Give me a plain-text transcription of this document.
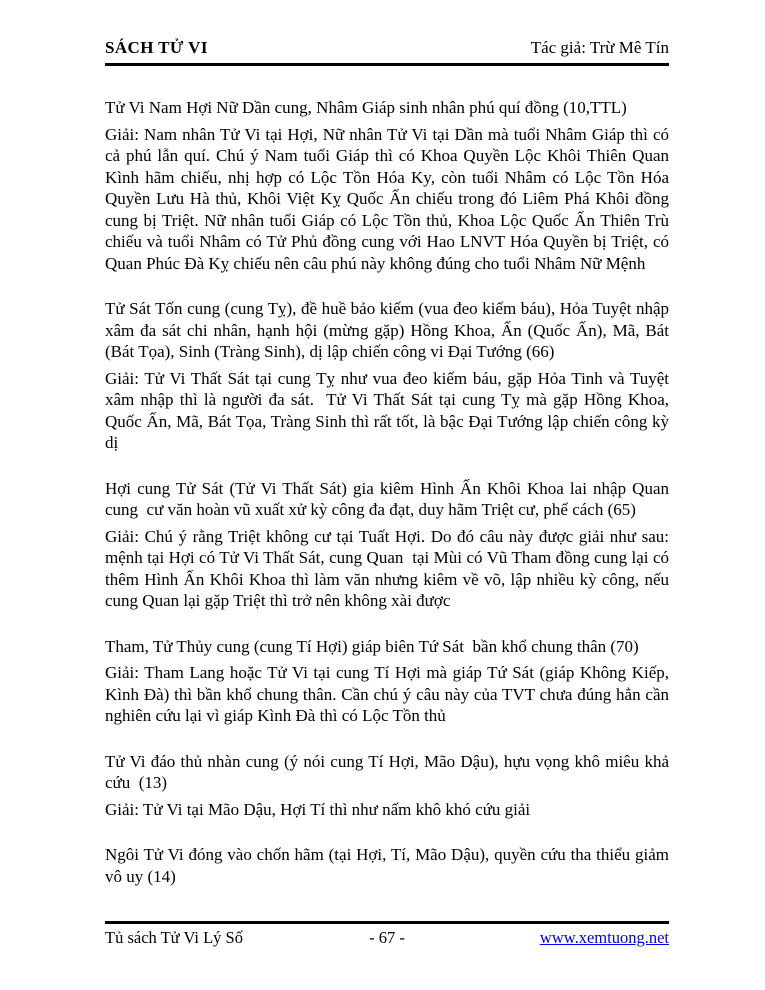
SÁCH TỬ VI	Tác giả: Trừ Mê Tín

Tử Vi Nam Hợi Nữ Dần cung, Nhâm Giáp sinh nhân phú quí đồng (10,TTL)

Giải: Nam nhân Tử Vi tại Hợi, Nữ nhân Tử Vi tại Dần mà tuổi Nhâm Giáp thì có cả phú lẫn quí. Chú ý Nam tuổi Giáp thì có Khoa Quyền Lộc Khôi Thiên Quan Kình hãm chiếu, nhị hợp có Lộc Tồn Hóa Ky, còn tuổi Nhâm có Lộc Tồn Hóa Quyền Lưu Hà thủ, Khôi Việt Kỵ Quốc Ấn chiếu trong đó Liêm Phá Khôi đồng cung bị Triệt. Nữ nhân tuổi Giáp có Lộc Tồn thủ, Khoa Lộc Quốc Ấn Thiên Trù chiếu và tuổi Nhâm có Tử Phủ đồng cung với Hao LNVT Hóa Quyền bị Triệt, có Quan Phúc Đà Kỵ chiếu nên câu phú này không đúng cho tuổi Nhâm Nữ Mệnh

Tử Sát Tốn cung (cung Tỵ), đề huề bảo kiếm (vua đeo kiếm báu), Hỏa Tuyệt nhập xâm đa sát chi nhân, hạnh hội (mừng gặp) Hồng Khoa, Ấn (Quốc Ấn), Mã, Bát (Bát Tọa), Sinh (Tràng Sinh), dị lập chiến công vi Đại Tướng (66)

Giải: Tử Vi Thất Sát tại cung Tỵ như vua đeo kiếm báu, gặp Hỏa Tinh và Tuyệt xâm nhập thì là người đa sát.  Tử Vi Thất Sát tại cung Tỵ mà gặp Hồng Khoa, Quốc Ấn, Mã, Bát Tọa, Tràng Sinh thì rất tốt, là bậc Đại Tướng lập chiến công kỳ dị

Hợi cung Tử Sát (Tử Vi Thất Sát) gia kiêm Hình Ấn Khôi Khoa lai nhập Quan cung  cư văn hoàn vũ xuất xử kỳ công đa đạt, duy hãm Triệt cư, phế cách (65)

Giải: Chú ý rằng Triệt không cư tại Tuất Hợi. Do đó câu này được giải như sau: mệnh tại Hợi có Tử Vi Thất Sát, cung Quan  tại Mùi có Vũ Tham đồng cung lại có thêm Hình Ấn Khôi Khoa thì làm văn nhưng kiêm về võ, lập nhiều kỳ công, nếu cung Quan lại gặp Triệt thì trở nên không xài được

Tham, Tử Thủy cung (cung Tí Hợi) giáp biên Tứ Sát  bần khổ chung thân (70)

Giải: Tham Lang hoặc Tử Vi tại cung Tí Hợi mà giáp Tứ Sát (giáp Không Kiếp, Kình Đà) thì bần khổ chung thân. Cần chú ý câu này của TVT chưa đúng hẳn cần nghiên cứu lại vì giáp Kình Đà thì có Lộc Tồn thủ

Tử Vi đáo thủ nhàn cung (ý nói cung Tí Hợi, Mão Dậu), hựu vọng khô miêu khả cứu  (13)

Giải: Tử Vi tại Mão Dậu, Hợi Tí thì như nấm khô khó cứu giải

Ngôi Tử Vi đóng vào chốn hãm (tại Hợi, Tí, Mão Dậu), quyền cứu tha thiểu giảm vô uy (14)

Tủ sách Tử Vi Lý Số	- 67 -	www.xemtuong.net
